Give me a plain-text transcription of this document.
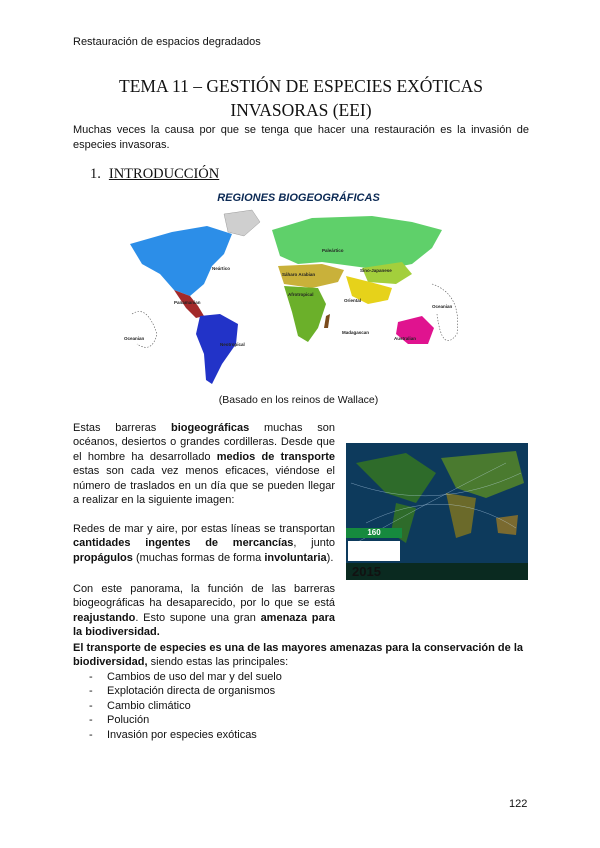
Restauración de espacios degradados
TEMA 11 – GESTIÓN DE ESPECIES EXÓTICAS
INVASORAS (EEI)
Muchas veces la causa por que se tenga que hacer una restauración es la invasión de especies invasoras.
1. INTRODUCCIÓN
REGIONES BIOGEOGRÁFICAS
Neártico
Paleártico
Panamanian
Neotropical
Sáharo Arabian
Afrotropical
Sino-Japanese
Oriental
Madagascan
Australian
Oceanian
Oceanian
(Basado en los reinos de Wallace)
Estas barreras biogeográficas muchas son océanos, desiertos o grandes cordilleras. Desde que el hombre ha desarrollado medios de transporte estas son cada vez menos eficaces, viéndose el número de traslados en un día que se pueden llegar a realizar en la siguiente imagen:
160
2015
Redes de mar y aire, por estas líneas se transportan cantidades ingentes de mercancías, junto propágulos (muchas formas de forma involuntaria).
Con este panorama, la función de las barreras biogeográficas ha desaparecido, por lo que se está reajustando. Esto supone una gran amenaza para la biodiversidad.
El transporte de especies es una de las mayores amenazas para la conservación de la biodiversidad, siendo estas las principales:
- Cambios de uso del mar y del suelo
- Explotación directa de organismos
- Cambio climático
- Polución
- Invasión por especies exóticas
122
